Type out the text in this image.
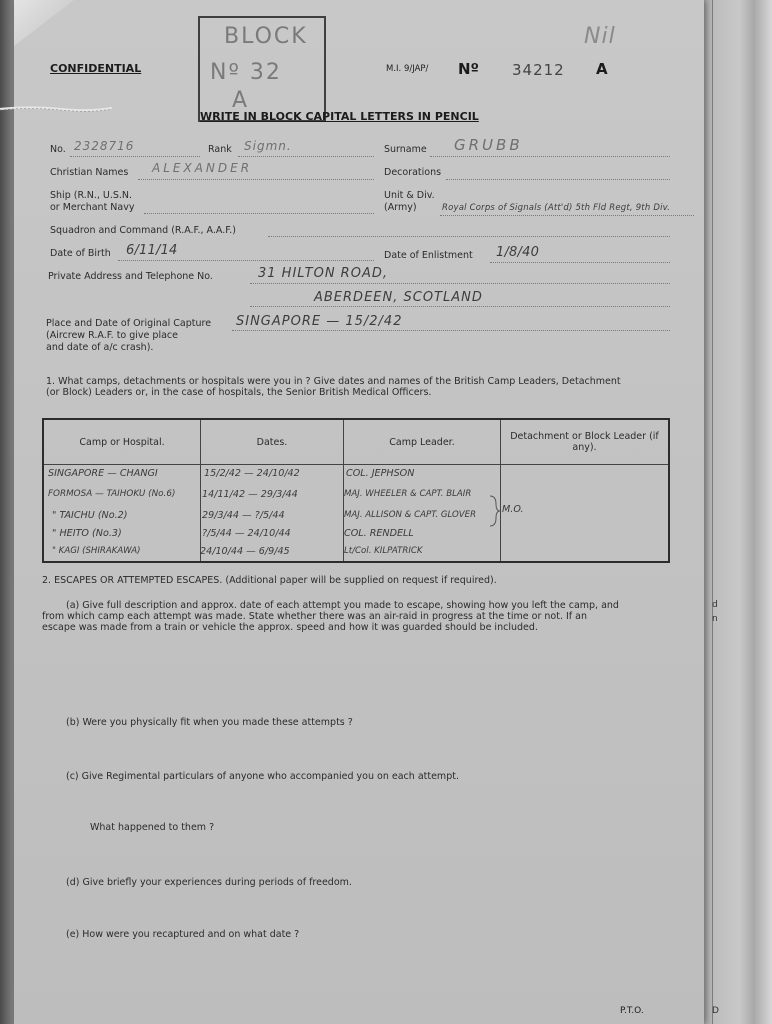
d
n
D
CONFIDENTIAL	M.I. 9/JAP/ Nº 34212 A
Nil
BLOCK
Nº 32
A
WRITE IN BLOCK CAPITAL LETTERS IN PENCIL
No. 2328716	Rank Sigmn.	Surname GRUBB
Christian Names ALEXANDER	Decorations
Ship (R.N., U.S.N.
or Merchant Navy
Unit & Div.
(Army)	Royal Corps of Signals (Att'd) 5th Fld Regt, 9th Div.
Squadron and Command (R.A.F., A.A.F.)
Date of Birth 6/11/14	Date of Enlistment 1/8/40
Private Address and Telephone No.	31 HILTON ROAD,
ABERDEEN, SCOTLAND
Place and Date of Original Capture
(Aircrew R.A.F. to give place
and date of a/c crash).
SINGAPORE — 15/2/42
1. What camps, detachments or hospitals were you in ? Give dates and names of the British Camp Leaders, Detachment
(or Block) Leaders or, in the case of hospitals, the Senior British Medical Officers.
Camp or Hospital.	Dates.	Camp Leader.	Detachment or Block Leader (if any).

SINGAPORE — CHANGI	15/2/42 — 24/10/42	COL. JEPHSON
FORMOSA — TAIHOKU (No.6)	14/11/42 — 29/3/44	MAJ. WHEELER & CAPT. BLAIR
" TAICHU (No.2)	29/3/44 — ?/5/44	MAJ. ALLISON & CAPT. GLOVER
" HEITO (No.3)	?/5/44 — 24/10/44	COL. RENDELL
" KAGI (SHIRAKAWA)	24/10/44 — 6/9/45	Lt/Col. KILPATRICK
M.O.
2. ESCAPES OR ATTEMPTED ESCAPES. (Additional paper will be supplied on request if required).
(a) Give full description and approx. date of each attempt you made to escape, showing how you left the camp, and
from which camp each attempt was made. State whether there was an air-raid in progress at the time or not. If an
escape was made from a train or vehicle the approx. speed and how it was guarded should be included.
(b) Were you physically fit when you made these attempts ?
(c) Give Regimental particulars of anyone who accompanied you on each attempt.
What happened to them ?
(d) Give briefly your experiences during periods of freedom.
(e) How were you recaptured and on what date ?
P.T.O.
